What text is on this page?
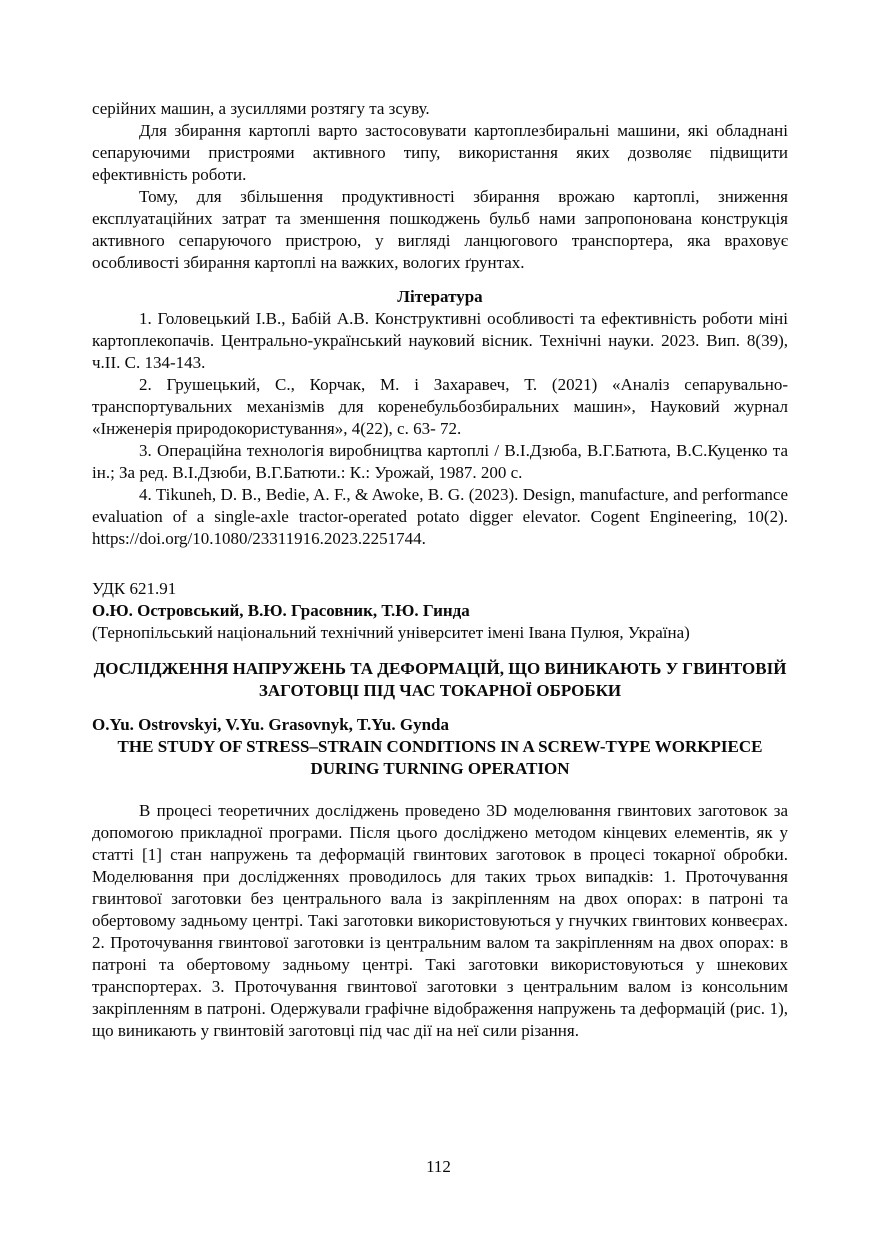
серійних машин, а зусиллями розтягу та зсуву.

Для збирання картоплі варто застосовувати картоплезбиральні машини, які обладнані сепаруючими пристроями активного типу, використання яких дозволяє підвищити ефективність роботи.

Тому, для збільшення продуктивності збирання врожаю картоплі, зниження експлуатаційних затрат та зменшення пошкоджень бульб нами запропонована конструкція активного сепаруючого пристрою, у вигляді ланцюгового транспортера, яка враховує особливості збирання картоплі на важких, вологих ґрунтах.

Література

1. Головецький І.В., Бабій А.В. Конструктивні особливості та ефективність роботи міні картоплекопачів. Центрально-український науковий вісник. Технічні науки. 2023. Вип. 8(39), ч.ІІ. С. 134-143.

2. Грушецький, С., Корчак, М. і Захаравеч, Т. (2021) «Аналіз сепарувально-транспортувальних механізмів для коренебульбозбиральних машин», Науковий журнал «Інженерія природокористування», 4(22), с. 63- 72.

3. Операційна технологія виробництва картоплі / В.І.Дзюба, В.Г.Батюта, В.С.Куценко та ін.; За ред. В.І.Дзюби, В.Г.Батюти.: К.: Урожай, 1987. 200 с.

4. Tikuneh, D. B., Bedie, A. F., & Awoke, B. G. (2023). Design, manufacture, and performance evaluation of a single-axle tractor-operated potato digger elevator. Cogent Engineering, 10(2). https://doi.org/10.1080/23311916.2023.2251744.

УДК 621.91

О.Ю. Островський, В.Ю. Грасовник, Т.Ю. Гинда

(Тернопільський національний технічний університет імені Івана Пулюя, Україна)

ДОСЛІДЖЕННЯ НАПРУЖЕНЬ ТА ДЕФОРМАЦІЙ, ЩО ВИНИКАЮТЬ У ГВИНТОВІЙ ЗАГОТОВЦІ ПІД ЧАС ТОКАРНОЇ ОБРОБКИ

O.Yu. Ostrovskyi, V.Yu. Grasovnyk, T.Yu. Gynda

THE STUDY OF STRESS–STRAIN CONDITIONS IN A SCREW-TYPE WORKPIECE DURING TURNING OPERATION

В процесі теоретичних досліджень проведено 3D моделювання гвинтових заготовок за допомогою прикладної програми. Після цього досліджено методом кінцевих елементів, як у статті [1] стан напружень та деформацій гвинтових заготовок в процесі токарної обробки. Моделювання при дослідженнях проводилось для таких трьох випадків: 1. Проточування гвинтової заготовки без центрального вала із закріпленням на двох опорах: в патроні та обертовому задньому центрі. Такі заготовки використовуються у гнучких гвинтових конвеєрах. 2. Проточування гвинтової заготовки із центральним валом та закріпленням на двох опорах: в патроні та обертовому задньому центрі. Такі заготовки використовуються у шнекових транспортерах. 3. Проточування гвинтової заготовки з центральним валом із консольним закріпленням в патроні. Одержували графічне відображення напружень та деформацій (рис. 1), що виникають у гвинтовій заготовці під час дії на неї сили різання.

112
